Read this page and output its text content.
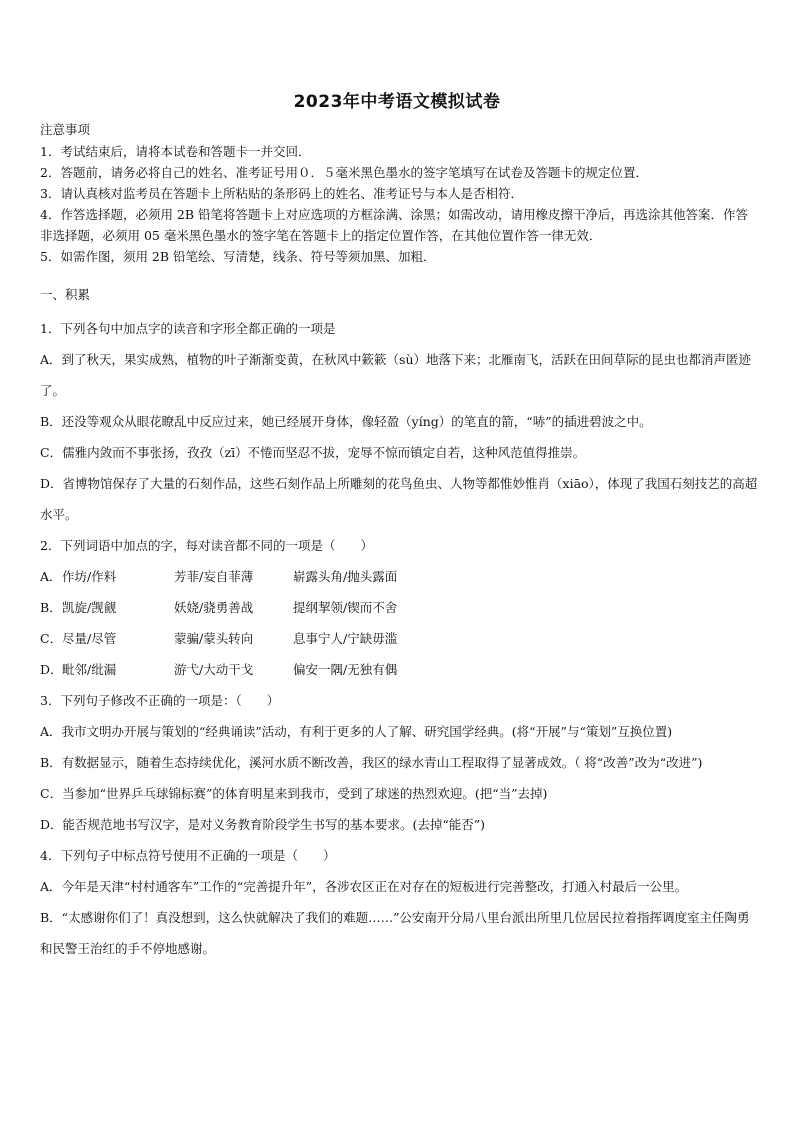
2023年中考语文模拟试卷
注意事项
1．考试结束后，请将本试卷和答题卡一并交回．
2．答题前，请务必将自己的姓名、准考证号用０．５毫米黑色墨水的签字笔填写在试卷及答题卡的规定位置．
3．请认真核对监考员在答题卡上所粘贴的条形码上的姓名、准考证号与本人是否相符．
4．作答选择题，必须用 2B 铅笔将答题卡上对应选项的方框涂满、涂黑；如需改动，请用橡皮擦干净后，再选涂其他答案．作答非选择题，必须用 05 毫米黑色墨水的签字笔在答题卡上的指定位置作答，在其他位置作答一律无效．
5．如需作图，须用 2B 铅笔绘、写清楚，线条、符号等须加黑、加粗．
一、积累
1．下列各句中加点字的读音和字形全都正确的一项是
A．到了秋天，果实成熟，植物的叶子渐渐变黄，在秋风中簌簌（sù）地落下来；北雁南飞，活跃在田间草际的昆虫也都消声匿迹了。
B．还没等观众从眼花瞭乱中反应过来，她已经展开身体，像轻盈（yíng）的笔直的箭，“哧”的插进碧波之中。
C．儒雅内敛而不事张扬，孜孜（zī）不惓而坚忍不拔，宠辱不惊而镇定自若，这种风范值得推崇。
D．省博物馆保存了大量的石刻作品，这些石刻作品上所雕刻的花鸟鱼虫、人物等都惟妙惟肖（xiāo），体现了我国石刻技艺的高超水平。
2．下列词语中加点的字，每对读音都不同的一项是（　　）
A． 作坊/作料	芳菲/妄自菲薄	崭露头角/抛头露面
B． 凯旋/觊觎	妖娆/骁勇善战	提纲挈领/锲而不舍
C． 尽量/尽管	蒙骗/蒙头转向	息事宁人/宁缺毋滥
D． 毗邻/纰漏	游弋/大动干戈	偏安一隅/无独有偶
3．下列句子修改不正确的一项是：（　　）
A．我市文明办开展与策划的“经典诵读”活动，有利于更多的人了解、研究国学经典。(将“开展”与“策划”互换位置)
B．有数据显示，随着生态持续优化，溪河水质不断改善，我区的绿水青山工程取得了显著成效。（ 将“改善”改为“改进”)
C．当参加“世界乒乓球锦标赛”的体育明星来到我市，受到了球迷的热烈欢迎。(把“当”去掉)
D．能否规范地书写汉字，是对义务教育阶段学生书写的基本要求。(去掉“能否”)
4．下列句子中标点符号使用不正确的一项是（　　）
A．今年是天津“村村通客车”工作的“完善提升年”，各涉农区正在对存在的短板进行完善整改，打通入村最后一公里。
B．“太感谢你们了！真没想到，这么快就解决了我们的难题……”公安南开分局八里台派出所里几位居民拉着指挥调度室主任陶勇和民警王治红的手不停地感谢。
